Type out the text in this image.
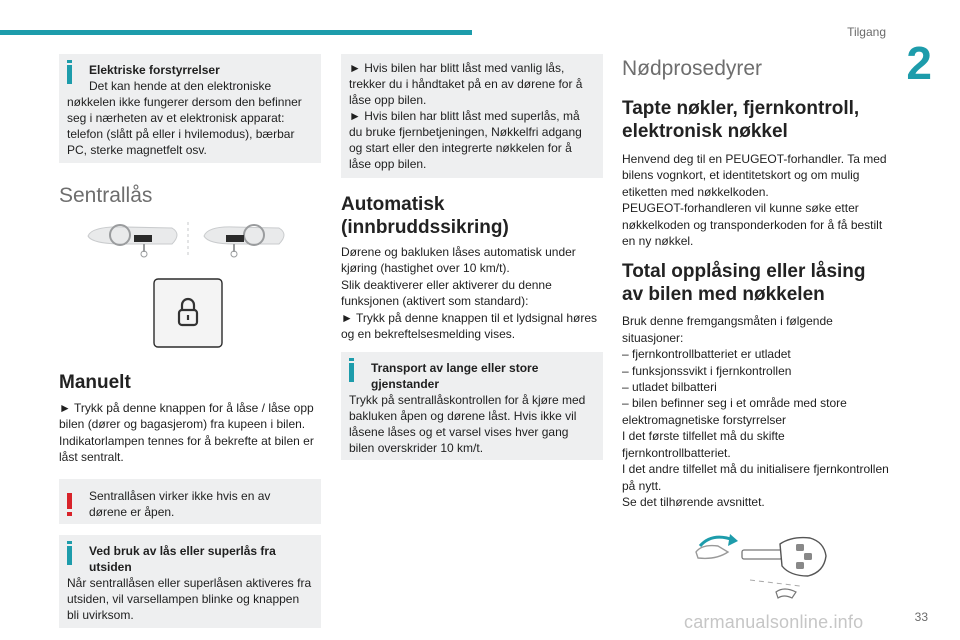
Tilgang
2
Elektriske forstyrrelser
Det kan hende at den elektroniske
nøkkelen ikke fungerer dersom den befinner seg i nærheten av et elektronisk apparat: telefon (slått på eller i hvilemodus), bærbar PC, sterke magnetfelt osv.
Sentrallås
Manuelt
► Trykk på denne knappen for å låse / låse opp bilen (dører og bagasjerom) fra kupeen i bilen. Indikatorlampen tennes for å bekrefte at bilen er låst sentralt.
Sentrallåsen virker ikke hvis en av dørene er åpen.
Ved bruk av lås eller superlås fra utsiden
Når sentrallåsen eller superlåsen aktiveres fra utsiden, vil varsellampen blinke og knappen bli uvirksom.
► Hvis bilen har blitt låst med vanlig lås, trekker du i håndtaket på en av dørene for å låse opp bilen.
► Hvis bilen har blitt låst med superlås, må du bruke fjernbetjeningen, Nøkkelfri adgang og start eller den integrerte nøkkelen for å låse opp bilen.
Automatisk (innbruddssikring)
Dørene og bakluken låses automatisk under kjøring (hastighet over 10 km/t).
Slik deaktiverer eller aktiverer du denne funksjonen (aktivert som standard):
► Trykk på denne knappen til et lydsignal høres og en bekreftelsesmelding vises.
Transport av lange eller store gjenstander
Trykk på sentrallåskontrollen for å kjøre med bakluken åpen og dørene låst. Hvis ikke vil låsene låses og et varsel vises hver gang bilen overskrider 10 km/t.
Nødprosedyrer
Tapte nøkler, fjernkontroll, elektronisk nøkkel
Henvend deg til en PEUGEOT-forhandler. Ta med bilens vognkort, et identitetskort og om mulig etiketten med nøkkelkoden.
PEUGEOT-forhandleren vil kunne søke etter nøkkelkoden og transponderkoden for å få bestilt en ny nøkkel.
Total opplåsing eller låsing av bilen med nøkkelen
Bruk denne fremgangsmåten i følgende situasjoner:
– fjernkontrollbatteriet er utladet
– funksjonssvikt i fjernkontrollen
– utladet bilbatteri
– bilen befinner seg i et område med store elektromagnetiske forstyrrelser
I det første tilfellet må du skifte fjernkontrollbatteriet.
I det andre tilfellet må du initialisere fjernkontrollen på nytt.
Se det tilhørende avsnittet.
33
carmanualsonline.info
